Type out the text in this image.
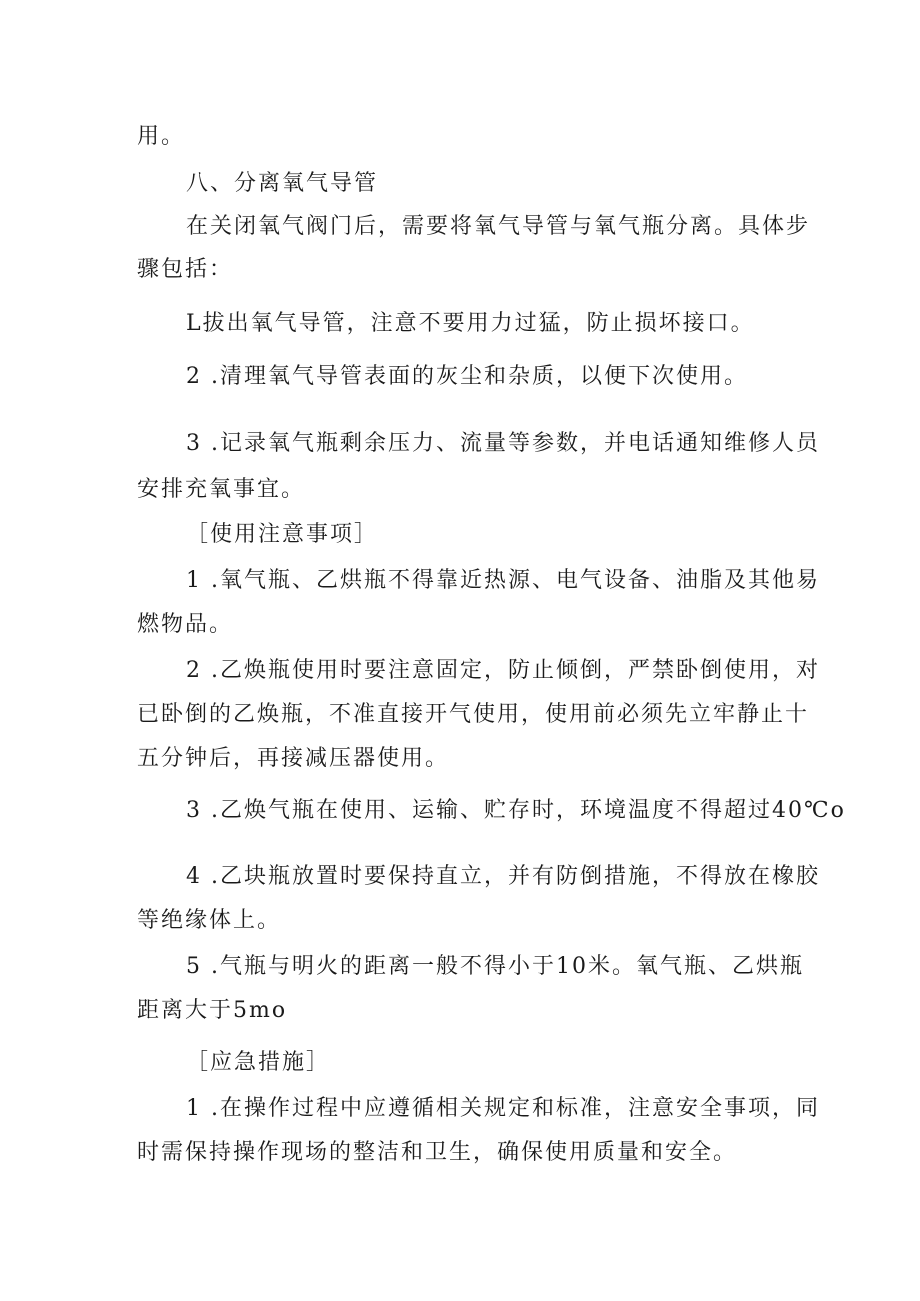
用。
八、分离氧气导管
在关闭氧气阀门后，需要将氧气导管与氧气瓶分离。具体步
骤包括：
L拔出氧气导管，注意不要用力过猛，防止损坏接口。
2 .清理氧气导管表面的灰尘和杂质，以便下次使用。
3 .记录氧气瓶剩余压力、流量等参数，并电话通知维修人员
安排充氧事宜。
［使用注意事项］
1 .氧气瓶、乙烘瓶不得靠近热源、电气设备、油脂及其他易
燃物品。
2 .乙焕瓶使用时要注意固定，防止倾倒，严禁卧倒使用，对
已卧倒的乙焕瓶，不准直接开气使用，使用前必须先立牢静止十
五分钟后，再接减压器使用。
3 .乙焕气瓶在使用、运输、贮存时，环境温度不得超过40℃o
4 .乙块瓶放置时要保持直立，并有防倒措施，不得放在橡胶
等绝缘体上。
5 .气瓶与明火的距离一般不得小于10米。氧气瓶、乙烘瓶
距离大于5mo
［应急措施］
1 .在操作过程中应遵循相关规定和标准，注意安全事项，同
时需保持操作现场的整洁和卫生，确保使用质量和安全。
